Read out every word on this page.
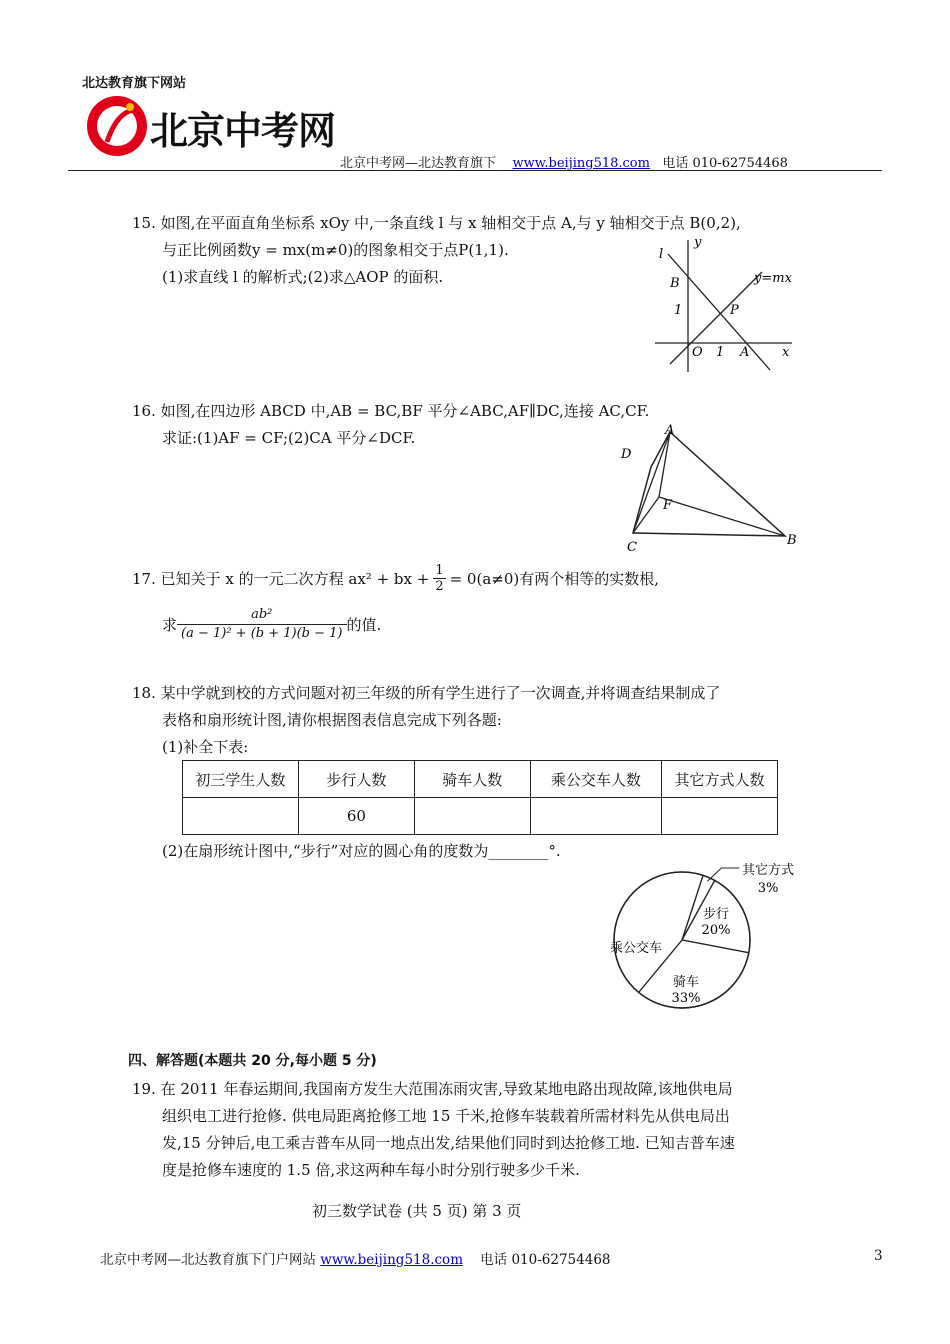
北达教育旗下网站
北京中考网
北京中考网—北达教育旗下 www.beijing518.com 电话 010-62754468
15. 如图,在平面直角坐标系 xOy 中,一条直线 l 与 x 轴相交于点 A,与 y 轴相交于点 B(0,2),
与正比例函数y = mx(m≠0)的图象相交于点P(1,1).
(1)求直线 l 的解析式;(2)求△AOP 的面积.
l
y
B
1	P
y=mx
O 1 A	x
16. 如图,在四边形 ABCD 中,AB = BC,BF 平分∠ABC,AF∥DC,连接 AC,CF.
求证:(1)AF = CF;(2)CA 平分∠DCF.	A
D
F
C	B
17. 已知关于 x 的一元二次方程 ax² + bx + $\frac{1}{2} = 0(a\ne 0)$有两个相等的实数根,
求 $\frac{\text{ab²}}{\text{(a − 1)² + (b + 1)(b − 1)}}$ 的值.
18. 某中学就到校的方式问题对初三年级的所有学生进行了一次调查,并将调查结果制成了
表格和扇形统计图,请你根据图表信息完成下列各题:
(1)补全下表:
初三学生人数	步行人数	骑车人数	乘公交车人数	其它方式人数
	60			
(2)在扇形统计图中,“步行”对应的圆心角的度数为________°.
其它方式
3%
步行
20%
骑车
33%
乘公交车
四、解答题(本题共 20 分,每小题 5 分)
19. 在 2011 年春运期间,我国南方发生大范围冻雨灾害,导致某地电路出现故障,该地供电局
组织电工进行抢修. 供电局距离抢修工地 15 千米,抢修车装载着所需材料先从供电局出
发,15 分钟后,电工乘吉普车从同一地点出发,结果他们同时到达抢修工地. 已知吉普车速
度是抢修车速度的 1.5 倍,求这两种车每小时分别行驶多少千米.
初三数学试卷 (共 5 页) 第 3 页
北京中考网—北达教育旗下门户网站 www.beijing518.com 电话 010-62754468	3
